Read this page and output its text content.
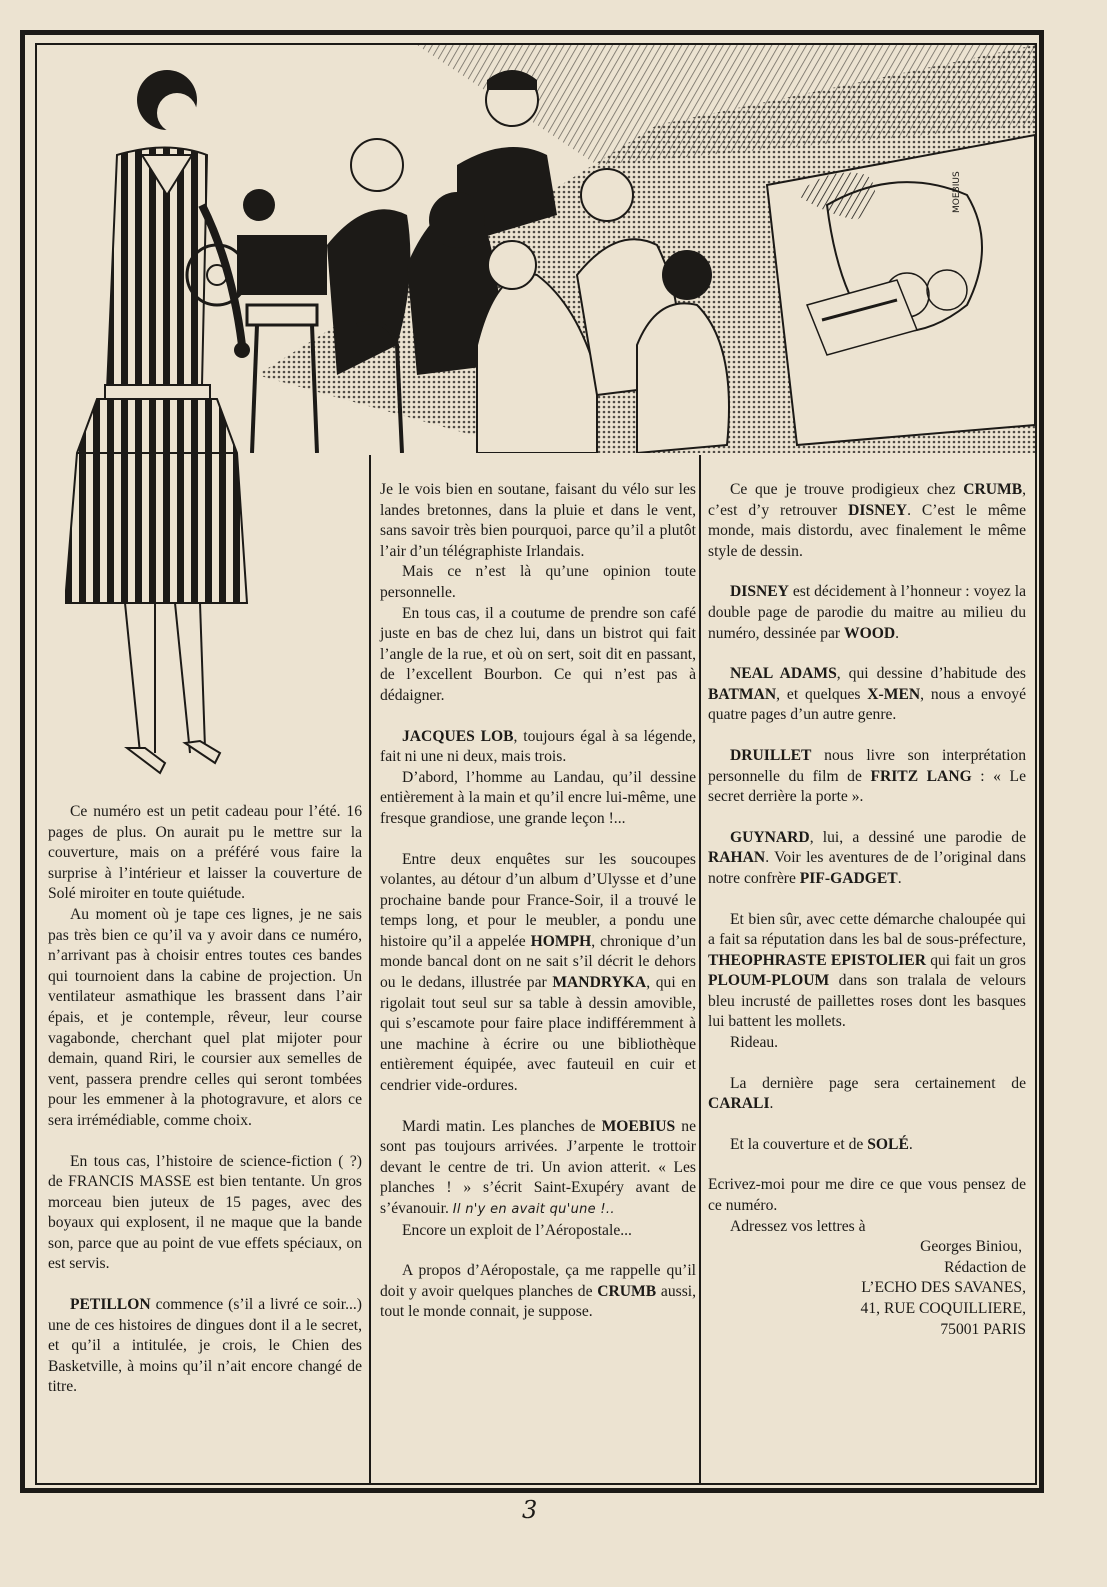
MOEBIUS

Ce numéro est un petit cadeau pour l’été. 16 pages de plus. On aurait pu le mettre sur la couverture, mais on a préféré vous faire la surprise à l’intérieur et laisser la couverture de Solé miroiter en toute quiétude.

Au moment où je tape ces lignes, je ne sais pas très bien ce qu’il va y avoir dans ce numéro, n’arrivant pas à choisir entres toutes ces bandes qui tournoient dans la cabine de projection. Un ventilateur asmathique les brassent dans l’air épais, et je contemple, rêveur, leur course vagabonde, cherchant quel plat mijoter pour demain, quand Riri, le coursier aux semelles de vent, passera prendre celles qui seront tombées pour les emmener à la photogravure, et alors ce sera irrémédiable, comme choix.

En tous cas, l’histoire de science-fiction ( ?) de FRANCIS MASSE est bien tentante. Un gros morceau bien juteux de 15 pages, avec des boyaux qui explosent, il ne maque que la bande son, parce que au point de vue effets spéciaux, on est servis.

PETILLON commence (s’il a livré ce soir...) une de ces histoires de dingues dont il a le secret, et qu’il a intitulée, je crois, le Chien des Basketville, à moins qu’il n’ait encore changé de titre.

Je le vois bien en soutane, faisant du vélo sur les landes bretonnes, dans la pluie et dans le vent, sans savoir très bien pourquoi, parce qu’il a plutôt l’air d’un télégraphiste Irlandais.

Mais ce n’est là qu’une opinion toute personnelle.

En tous cas, il a coutume de prendre son café juste en bas de chez lui, dans un bistrot qui fait l’angle de la rue, et où on sert, soit dit en passant, de l’excellent Bourbon. Ce qui n’est pas à dédaigner.

JACQUES LOB, toujours égal à sa légende, fait ni une ni deux, mais trois.

D’abord, l’homme au Landau, qu’il dessine entièrement à la main et qu’il encre lui-même, une fresque grandiose, une grande leçon !...

Entre deux enquêtes sur les soucoupes volantes, au détour d’un album d’Ulysse et d’une prochaine bande pour France-Soir, il a trouvé le temps long, et pour le meubler, a pondu une histoire qu’il a appelée HOMPH, chronique d’un monde bancal dont on ne sait s’il décrit le dehors ou le dedans, illustrée par MANDRYKA, qui en rigolait tout seul sur sa table à dessin amovible, qui s’escamote pour faire place indifféremment à une machine à écrire ou une bibliothèque entièrement équipée, avec fauteuil en cuir et cendrier vide-ordures.

Mardi matin. Les planches de MOEBIUS ne sont pas toujours arrivées. J’arpente le trottoir devant le centre de tri. Un avion atterit. « Les planches ! » s’écrit Saint-Exupéry avant de s’évanouir. Il n'y en avait qu'une !..

Encore un exploit de l’Aéropostale...

A propos d’Aéropostale, ça me rappelle qu’il doit y avoir quelques planches de CRUMB aussi, tout le monde connait, je suppose.

Ce que je trouve prodigieux chez CRUMB, c’est d’y retrouver DISNEY. C’est le même monde, mais distordu, avec finalement le même style de dessin.

DISNEY est décidement à l’honneur : voyez la double page de parodie du maitre au milieu du numéro, dessinée par WOOD.

NEAL ADAMS, qui dessine d’habitude des BATMAN, et quelques X-MEN, nous a envoyé quatre pages d’un autre genre.

DRUILLET nous livre son interprétation personnelle du film de FRITZ LANG : « Le secret derrière la porte ».

GUYNARD, lui, a dessiné une parodie de RAHAN. Voir les aventures de de l’original dans notre confrère PIF-GADGET.

Et bien sûr, avec cette démarche chaloupée qui a fait sa réputation dans les bal de sous-préfecture, THEOPHRASTE EPISTOLIER qui fait un gros PLOUM-PLOUM dans son tralala de velours bleu incrusté de paillettes roses dont les basques lui battent les mollets.

Rideau.

La dernière page sera certainement de CARALI.

Et la couverture et de SOLÉ.

Ecrivez-moi pour me dire ce que vous pensez de ce numéro.

Adressez vos lettres à

Georges Biniou,

Rédaction de

L’ECHO DES SAVANES,

41, RUE COQUILLIERE,

75001 PARIS

3
